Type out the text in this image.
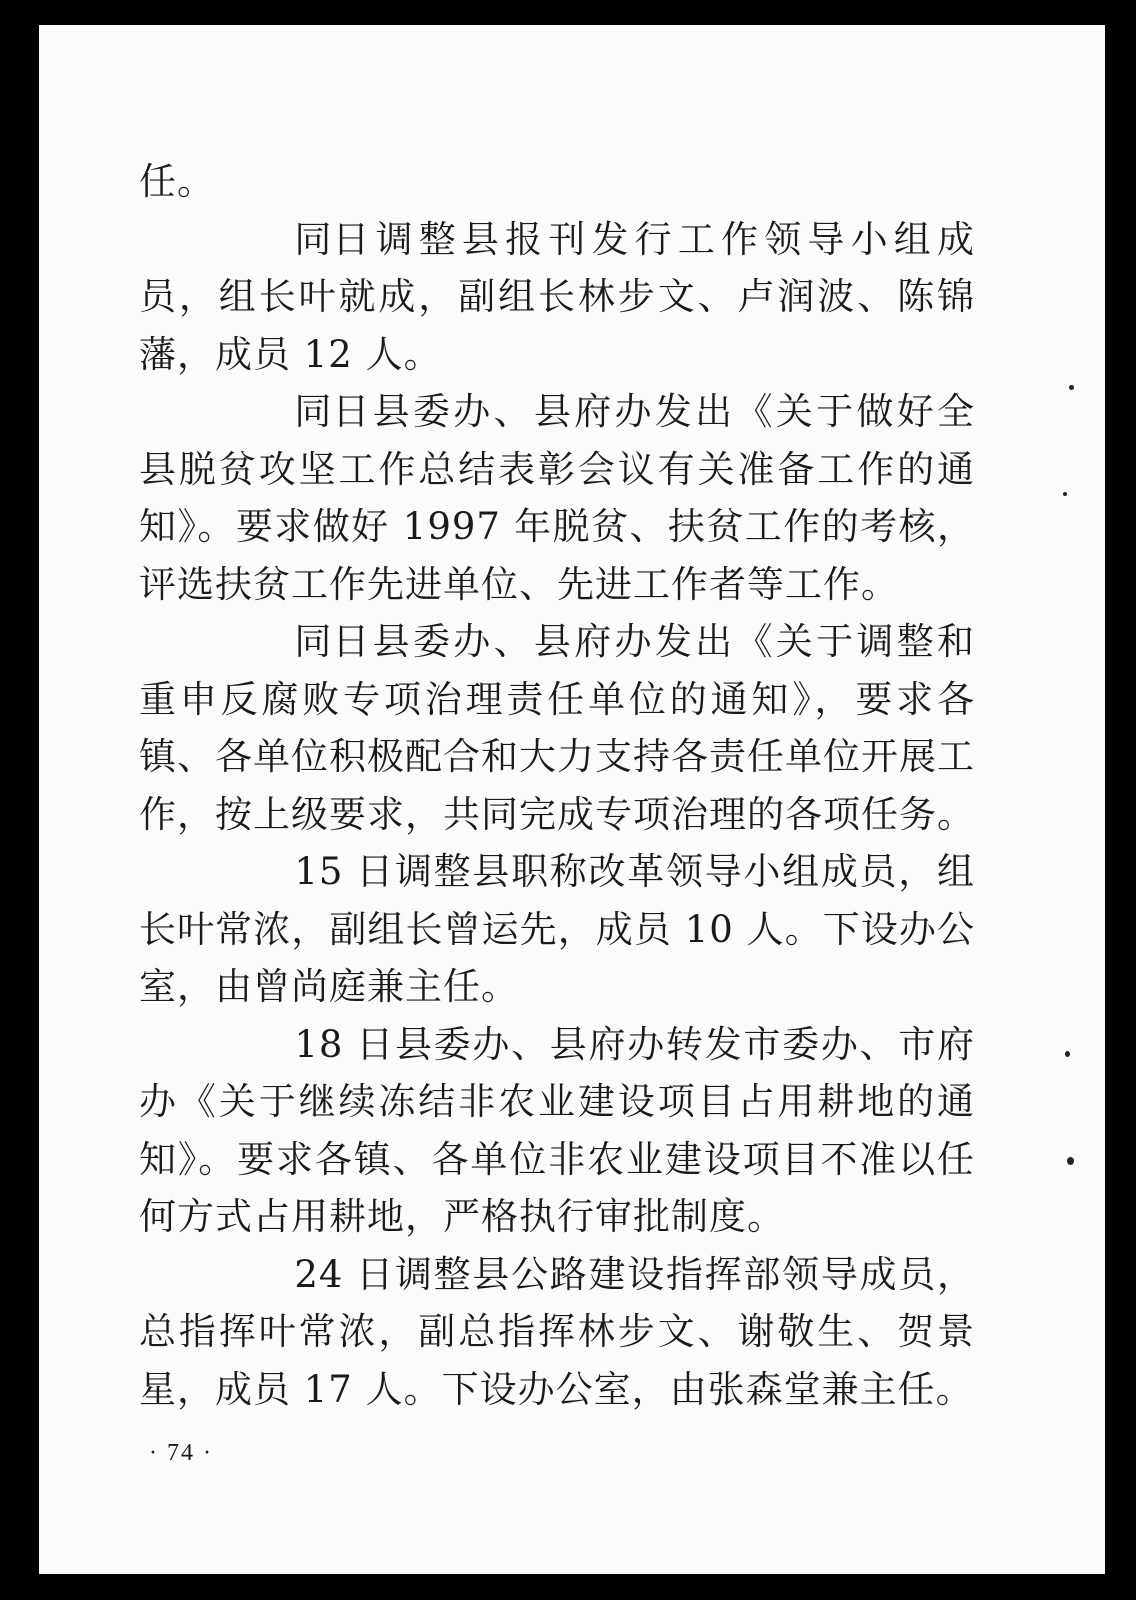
任。

同日调整县报刊发行工作领导小组成员，组长叶就成，副组长林步文、卢润波、陈锦藩，成员 12 人。

同日县委办、县府办发出《关于做好全县脱贫攻坚工作总结表彰会议有关准备工作的通知》。要求做好 1997 年脱贫、扶贫工作的考核，评选扶贫工作先进单位、先进工作者等工作。

同日县委办、县府办发出《关于调整和重申反腐败专项治理责任单位的通知》，要求各镇、各单位积极配合和大力支持各责任单位开展工作，按上级要求，共同完成专项治理的各项任务。

15 日调整县职称改革领导小组成员，组长叶常浓，副组长曾运先，成员 10 人。下设办公室，由曾尚庭兼主任。

18 日县委办、县府办转发市委办、市府办《关于继续冻结非农业建设项目占用耕地的通知》。要求各镇、各单位非农业建设项目不准以任何方式占用耕地，严格执行审批制度。

24 日调整县公路建设指挥部领导成员，总指挥叶常浓，副总指挥林步文、谢敬生、贺景星，成员 17 人。下设办公室，由张森堂兼主任。

· 74 ·
